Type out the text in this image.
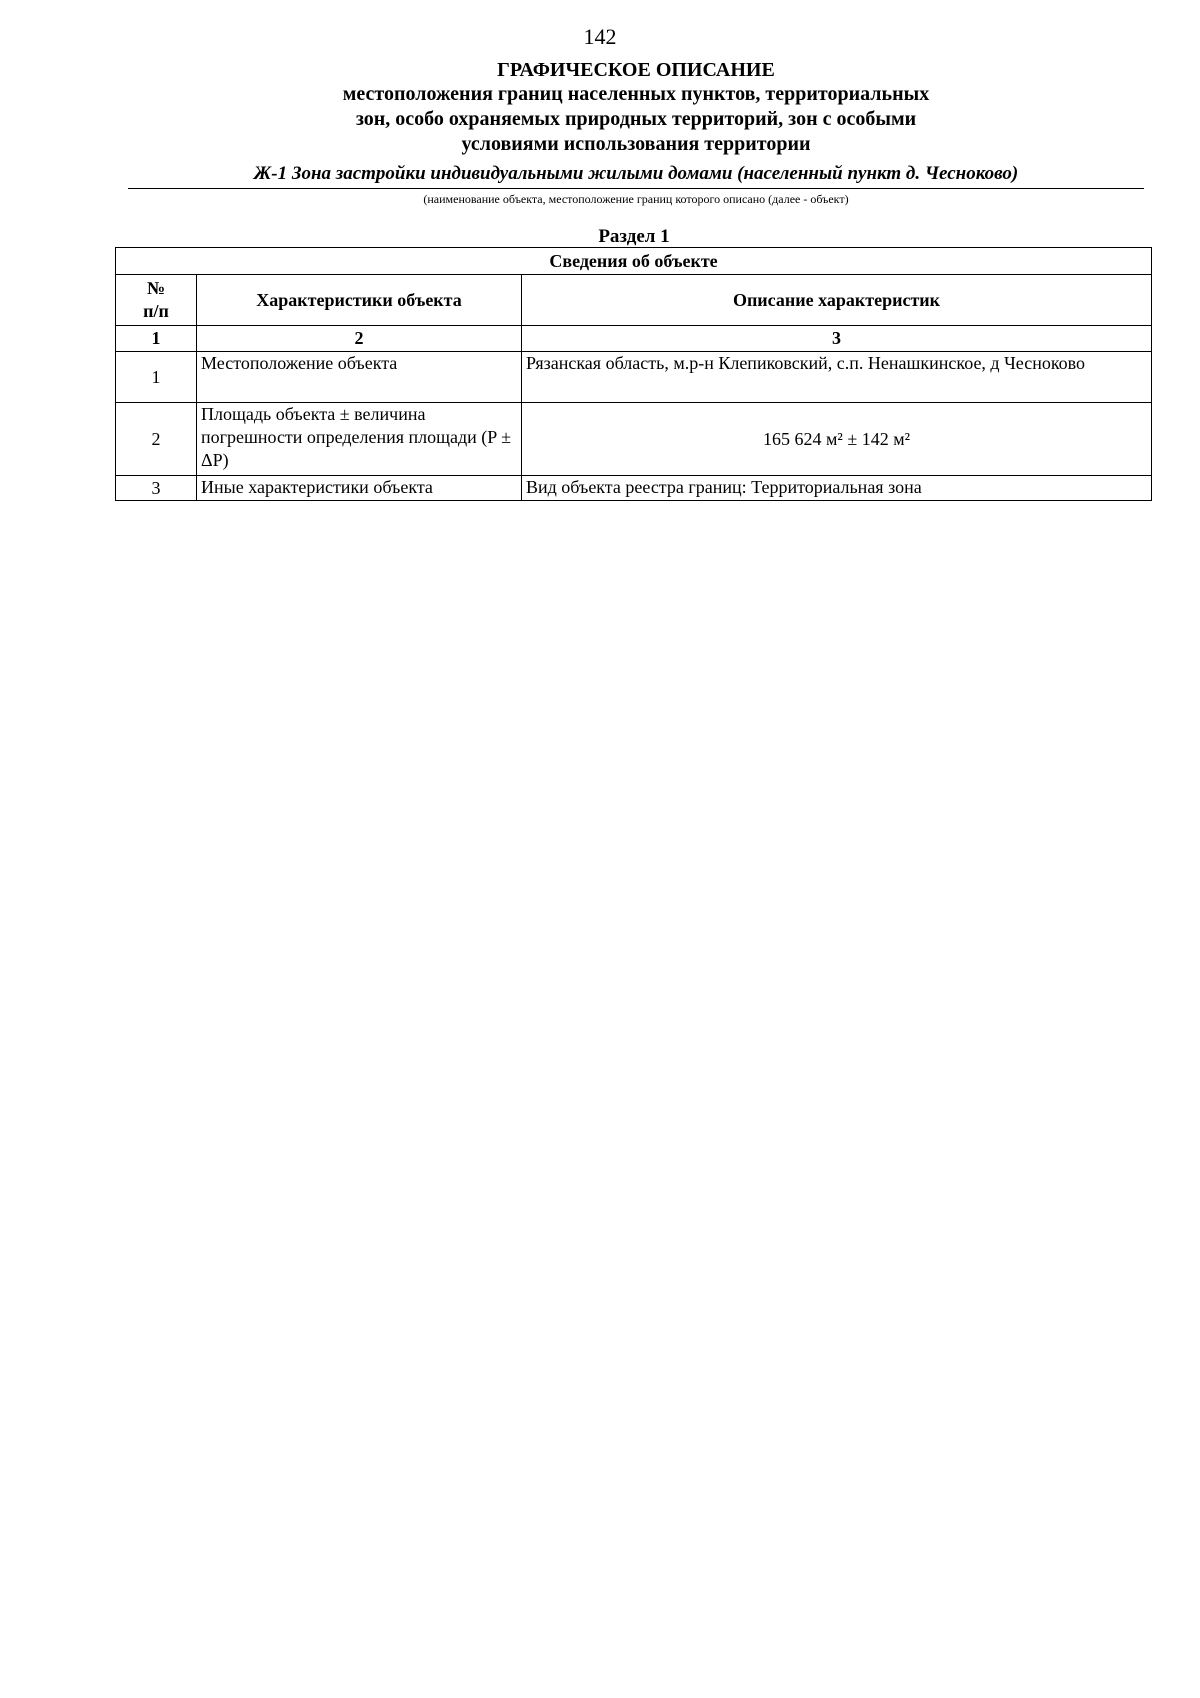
142
ГРАФИЧЕСКОЕ ОПИСАНИЕ
местоположения границ населенных пунктов, территориальных
зон, особо охраняемых природных территорий, зон с особыми
условиями использования территории
Ж-1 Зона застройки индивидуальными жилыми домами (населенный пункт д. Чесноково)
(наименование объекта, местоположение границ которого описано (далее - объект)
Раздел 1
Сведения об объекте		

№
п/п	Характеристики объекта	Описание характеристик
1	2	3
1	Местоположение объекта	Рязанская область, м.р-н Клепиковский, с.п. Ненашкинское, д Чесноково
2	Площадь объекта ± величина погрешности определения площади (P ± ΔP)	165 624 м² ± 142 м²
3	Иные характеристики объекта	Вид объекта реестра границ: Территориальная зона
